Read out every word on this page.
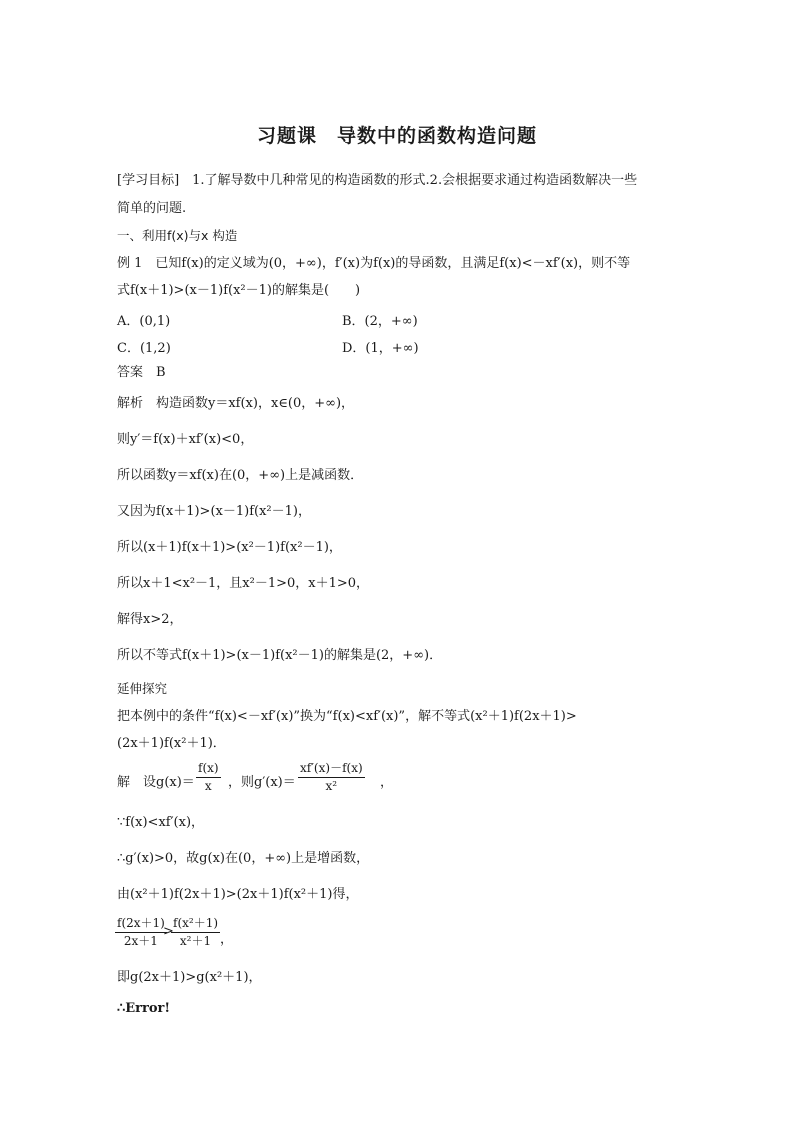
习题课　导数中的函数构造问题
[学习目标]　1.了解导数中几种常见的构造函数的形式.2.会根据要求通过构造函数解决一些
简单的问题.
一、利用f(x)与x 构造
例 1　已知f(x)的定义域为(0，+∞)，f′(x)为f(x)的导函数，且满足f(x)<－xf′(x)，则不等
式f(x＋1)>(x－1)f(x²－1)的解集是(　　)
A．(0,1)	B．(2，+∞)
C．(1,2)	D．(1，+∞)
答案　B
解析　构造函数y＝xf(x)，x∈(0，+∞)，
则y′＝f(x)＋xf′(x)<0，
所以函数y＝xf(x)在(0，+∞)上是减函数．
又因为f(x＋1)>(x－1)f(x²－1)，
所以(x＋1)f(x＋1)>(x²－1)f(x²－1)，
所以x＋1<x²－1，且x²－1>0，x＋1>0，
解得x>2，
所以不等式f(x＋1)>(x－1)f(x²－1)的解集是(2，+∞)．
延伸探究
把本例中的条件“f(x)<－xf′(x)”换为“f(x)<xf′(x)”，解不等式(x²＋1)f(2x＋1)>
(2x＋1)f(x²＋1)．
解　设$g(x)= \frac{f(x)}{x}$ ，则$g'(x)= \frac{xf'(x)-f(x)}{\text{x²}}$ ，
∵f(x)<xf′(x)，
∴g′(x)>0，故g(x)在(0，+∞)上是增函数，
由(x²＋1)f(2x＋1)>(2x＋1)f(x²＋1)得，
$\frac{f(2x+1)}{2x+1}$
>
$\frac{\text{f(x²＋1)}}{\text{x²＋1}}$ ，
即g(2x＋1)>g(x²＋1)，
∴Error!
